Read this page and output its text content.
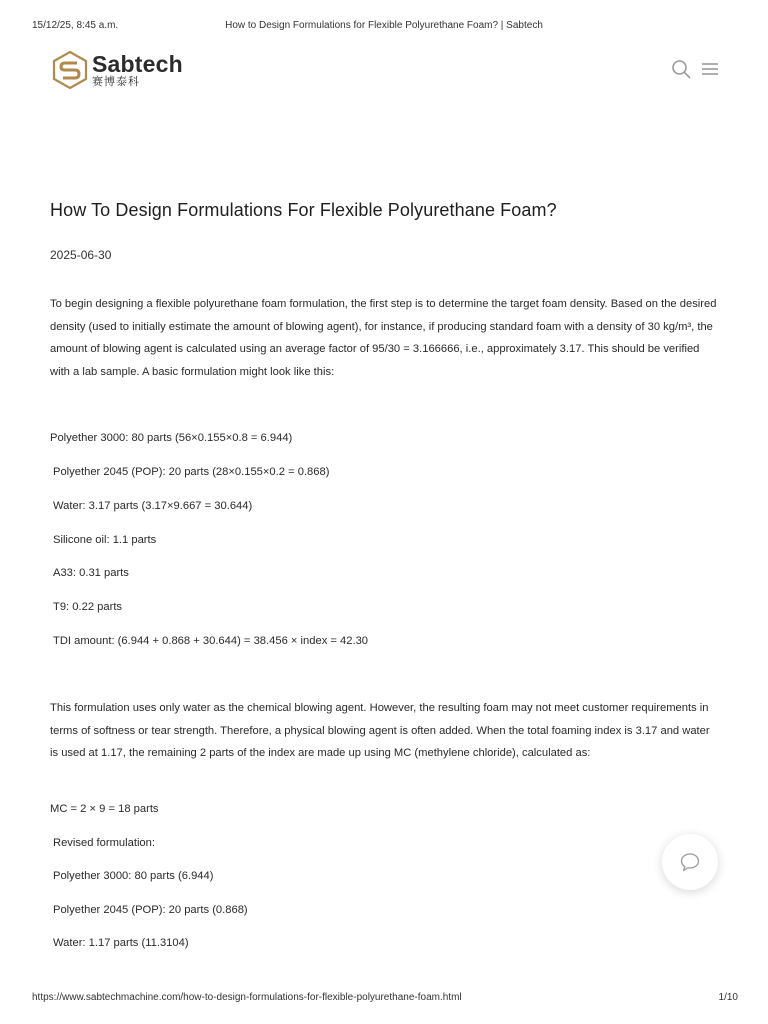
15/12/25, 8:45 a.m.	How to Design Formulations for Flexible Polyurethane Foam? | Sabtech
Sabtech
赛博泰科
How To Design Formulations For Flexible Polyurethane Foam?
2025-06-30

To begin designing a flexible polyurethane foam formulation, the first step is to determine the target foam density. Based on the desired density (used to initially estimate the amount of blowing agent), for instance, if producing standard foam with a density of 30 kg/m³, the amount of blowing agent is calculated using an average factor of 95/30 = 3.166666, i.e., approximately 3.17. This should be verified with a lab sample. A basic formulation might look like this:

Polyether 3000: 80 parts (56×0.155×0.8 = 6.944)
Polyether 2045 (POP): 20 parts (28×0.155×0.2 = 0.868)
Water: 3.17 parts (3.17×9.667 = 30.644)
Silicone oil: 1.1 parts
A33: 0.31 parts
T9: 0.22 parts
TDI amount: (6.944 + 0.868 + 30.644) = 38.456 × index = 42.30

This formulation uses only water as the chemical blowing agent. However, the resulting foam may not meet customer requirements in terms of softness or tear strength. Therefore, a physical blowing agent is often added. When the total foaming index is 3.17 and water is used at 1.17, the remaining 2 parts of the index are made up using MC (methylene chloride), calculated as:

MC = 2 × 9 = 18 parts
Revised formulation:
Polyether 3000: 80 parts (6.944)
Polyether 2045 (POP): 20 parts (0.868)
Water: 1.17 parts (11.3104)
https://www.sabtechmachine.com/how-to-design-formulations-for-flexible-polyurethane-foam.html	1/10
